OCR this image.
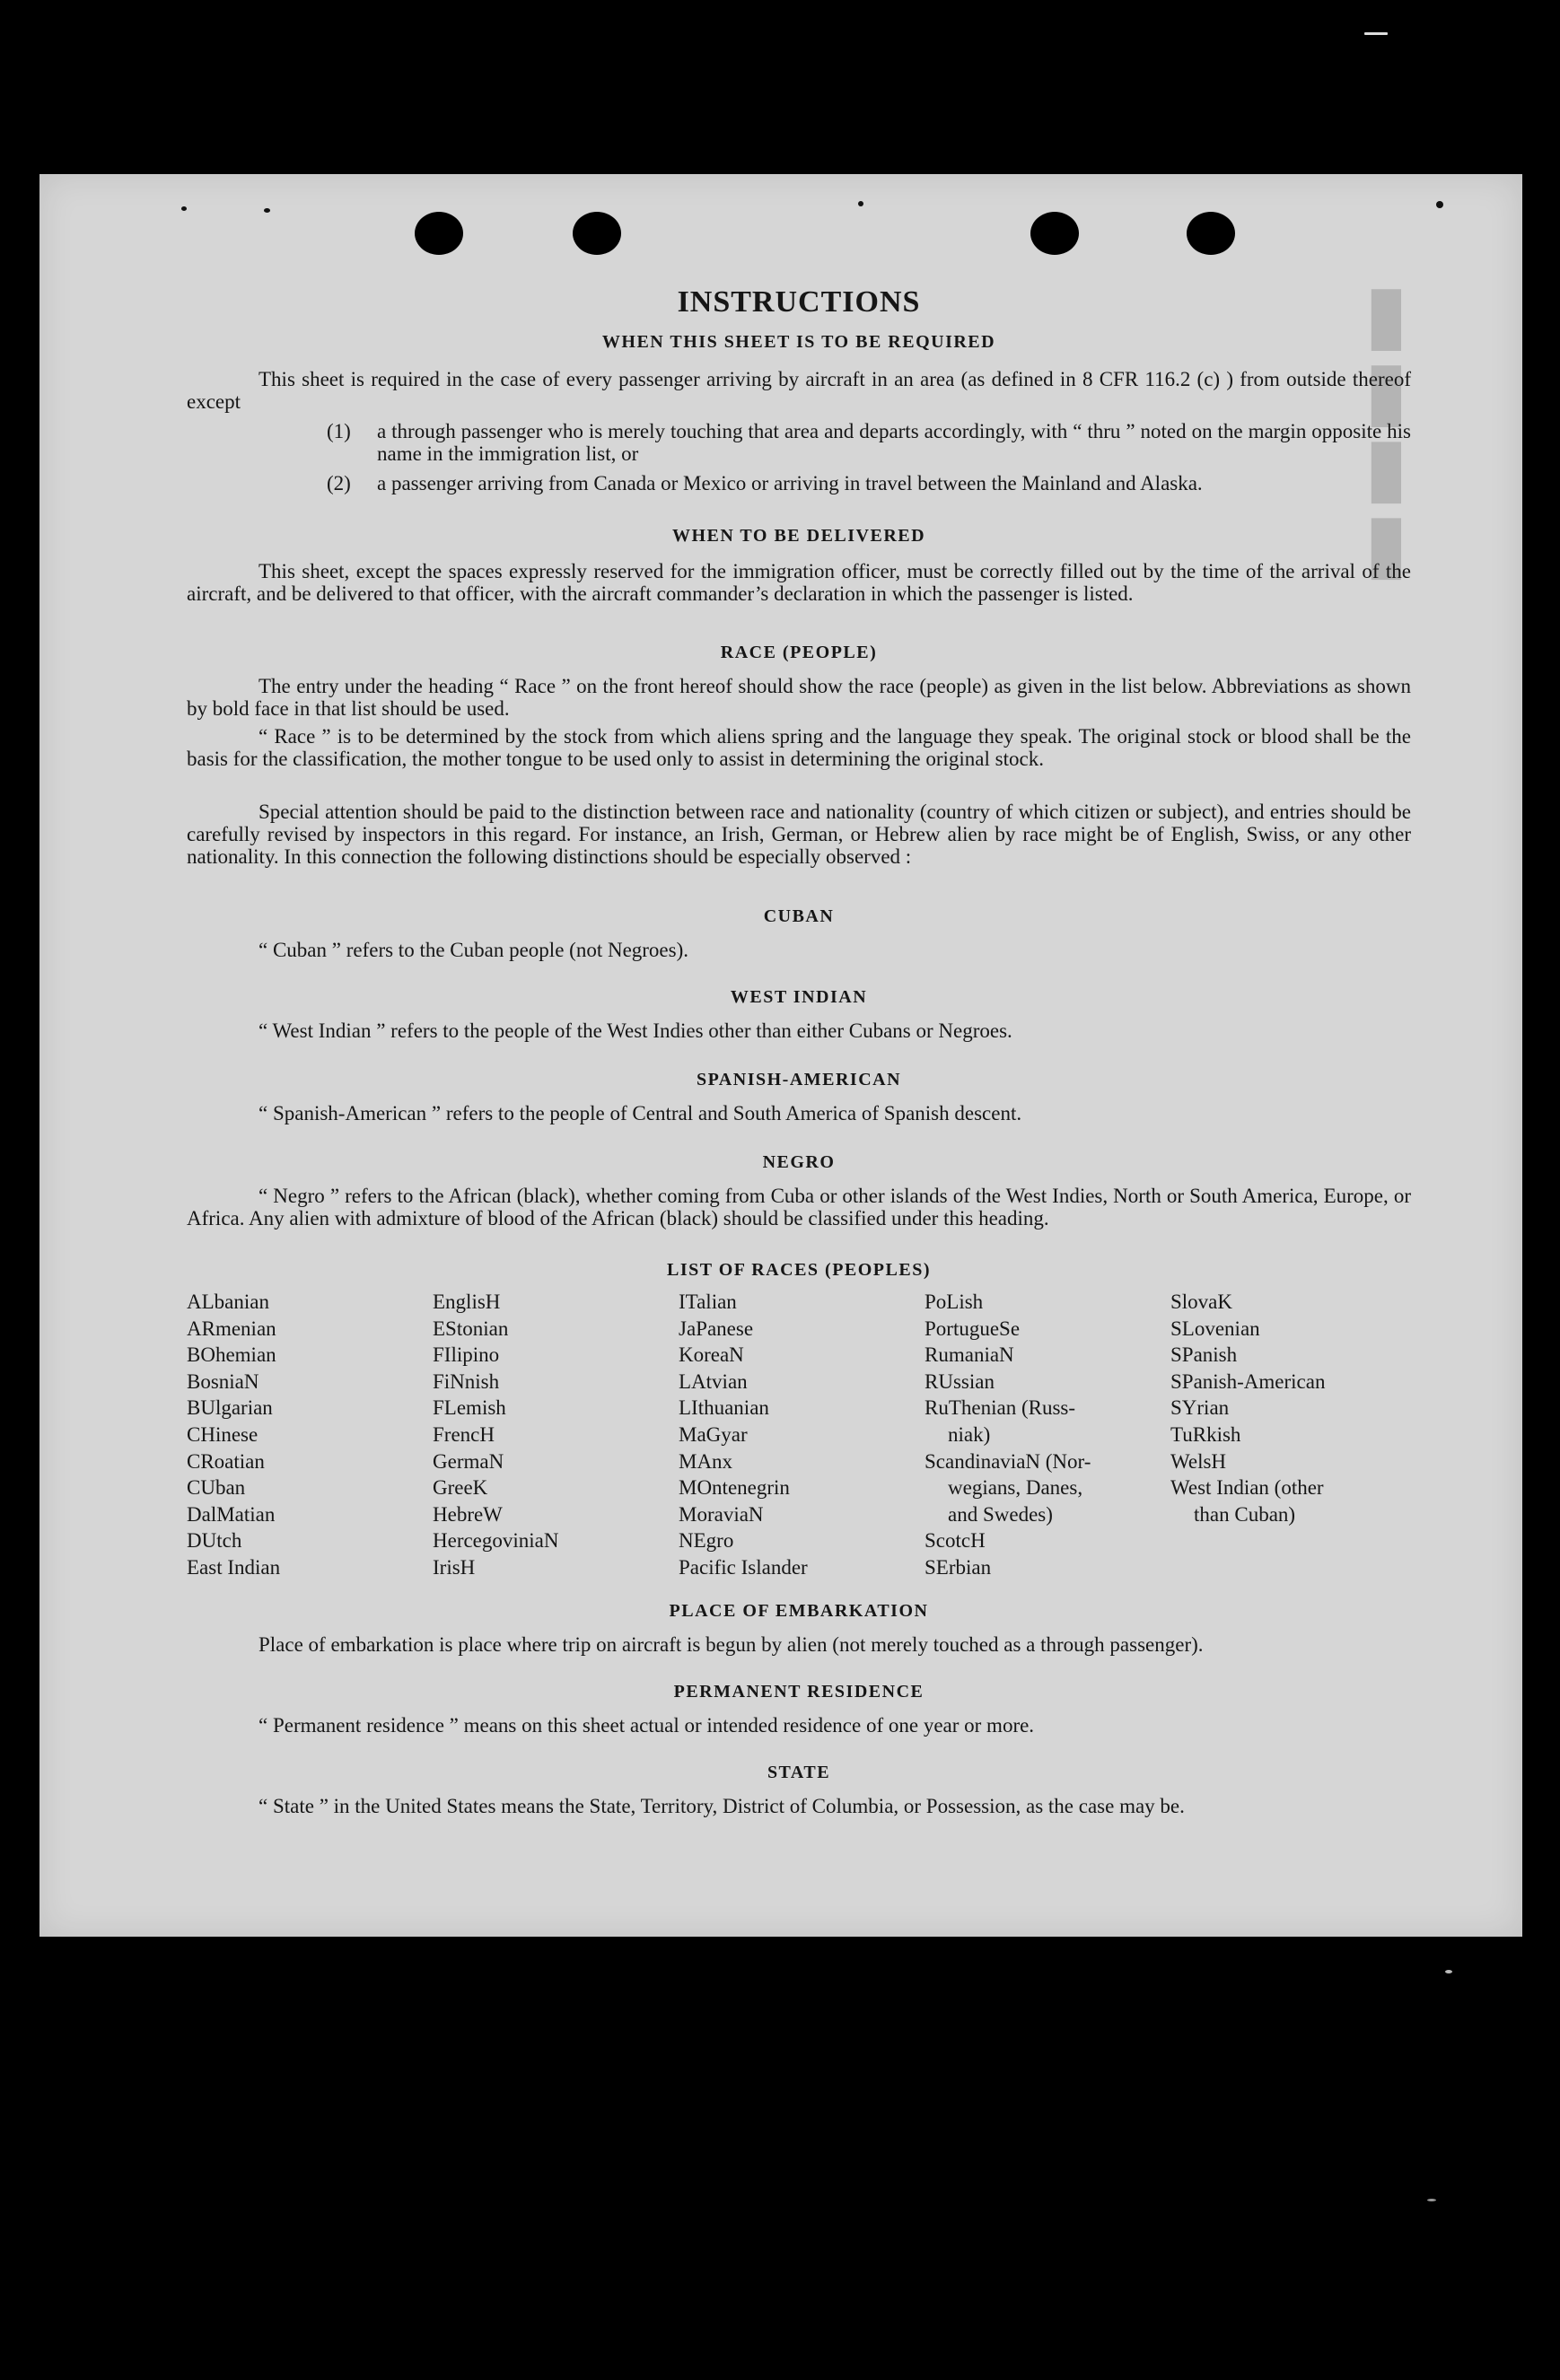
▬▬▬▬
INSTRUCTIONS
WHEN THIS SHEET IS TO BE REQUIRED
This sheet is required in the case of every passenger arriving by aircraft in an area (as defined in 8 CFR 116.2 (c) ) from outside thereof except
(1) a through passenger who is merely touching that area and departs accordingly, with “ thru ” noted on the margin opposite his name in the immigration list, or
(2) a passenger arriving from Canada or Mexico or arriving in travel between the Mainland and Alaska.
WHEN TO BE DELIVERED
This sheet, except the spaces expressly reserved for the immigration officer, must be correctly filled out by the time of the arrival of the aircraft, and be delivered to that officer, with the aircraft commander’s declaration in which the passenger is listed.
RACE (PEOPLE)
The entry under the heading “ Race ” on the front hereof should show the race (people) as given in the list below. Abbreviations as shown by bold face in that list should be used.
“ Race ” is to be determined by the stock from which aliens spring and the language they speak. The original stock or blood shall be the basis for the classification, the mother tongue to be used only to assist in determining the original stock.
Special attention should be paid to the distinction between race and nationality (country of which citizen or subject), and entries should be carefully revised by inspectors in this regard. For instance, an Irish, German, or Hebrew alien by race might be of English, Swiss, or any other nationality. In this connection the following distinctions should be especially observed :
CUBAN
“ Cuban ” refers to the Cuban people (not Negroes).
WEST INDIAN
“ West Indian ” refers to the people of the West Indies other than either Cubans or Negroes.
SPANISH-AMERICAN
“ Spanish-American ” refers to the people of Central and South America of Spanish descent.
NEGRO
“ Negro ” refers to the African (black), whether coming from Cuba or other islands of the West Indies, North or South America, Europe, or Africa. Any alien with admixture of blood of the African (black) should be classified under this heading.
LIST OF RACES (PEOPLES)
ALbanian
ARmenian
BOhemian
BosniaN
BUlgarian
CHinese
CRoatian
CUban
DalMatian
DUtch
East Indian
EnglisH
EStonian
FIlipino
FiNnish
FLemish
FrencH
GermaN
GreeK
HebreW
HercegoviniaN
IrisH
ITalian
JaPanese
KoreaN
LAtvian
LIthuanian
MaGyar
MAnx
MOntenegrin
MoraviaN
NEgro
Pacific Islander
PoLish
PortugueSe
RumaniaN
RUssian
RuThenian (Russ-
niak)
ScandinaviaN (Nor-
wegians, Danes,
and Swedes)
ScotcH
SErbian
SlovaK
SLovenian
SPanish
SPanish-American
SYrian
TuRkish
WelsH
West Indian (other
than Cuban)
PLACE OF EMBARKATION
Place of embarkation is place where trip on aircraft is begun by alien (not merely touched as a through passenger).
PERMANENT RESIDENCE
“ Permanent residence ” means on this sheet actual or intended residence of one year or more.
STATE
“ State ” in the United States means the State, Territory, District of Columbia, or Possession, as the case may be.
